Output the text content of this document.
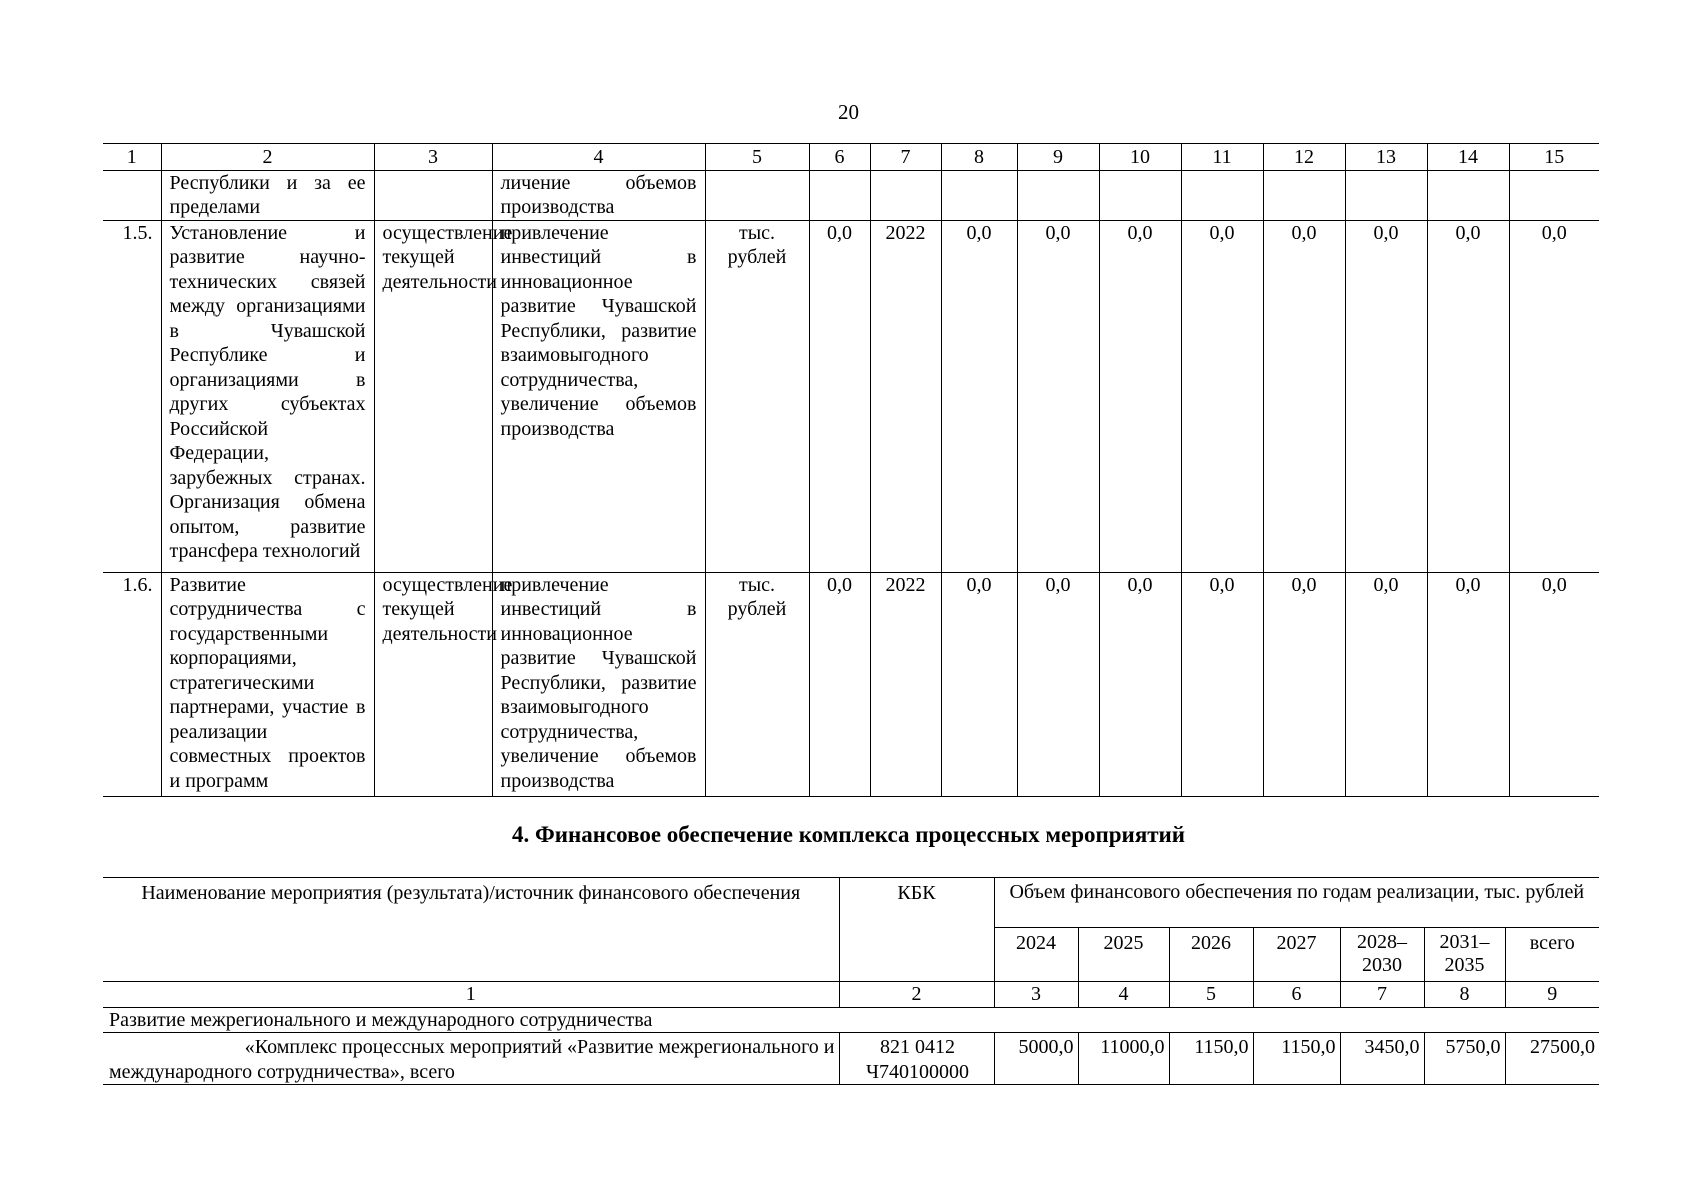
20
1	2	3	4	5	6	7	8	9	10	11	12	13	14	15
	Республики и за ее пределами		личение объемов производства											
1.5.	Установление и развитие научно-технических связей между организациями в Чувашской Республике и организациями в других субъектах Российской Федерации, зарубежных странах. Организация обмена опытом, развитие трансфера технологий	осуществление текущей деятельности	привлечение инвестиций в инновационное развитие Чувашской Республики, развитие взаимовыгодного сотрудничества, увеличение объемов производства	тыс. рублей	0,0	2022	0,0	0,0	0,0	0,0	0,0	0,0	0,0	0,0
1.6.	Развитие сотрудничества с государственными корпорациями, стратегическими партнерами, участие в реализации совместных проектов и программ	осуществление текущей деятельности	привлечение инвестиций в инновационное развитие Чувашской Республики, развитие взаимовыгодного сотрудничества, увеличение объемов производства	тыс. рублей	0,0	2022	0,0	0,0	0,0	0,0	0,0	0,0	0,0	0,0
4. Финансовое обеспечение комплекса процессных мероприятий
Наименование мероприятия (результата)/источник финансового обеспечения	КБК	Объем финансового обеспечения по годам реализации, тыс. рублей						
		2024	2025	2026	2027	2028–2030	2031–2035	всего
1	2	3	4	5	6	7	8	9
Развитие межрегионального и международного сотрудничества								
«Комплекс процессных мероприятий «Развитие межрегионального и международного сотрудничества», всего	821 0412 Ч740100000	5000,0	11000,0	1150,0	1150,0	3450,0	5750,0	27500,0
